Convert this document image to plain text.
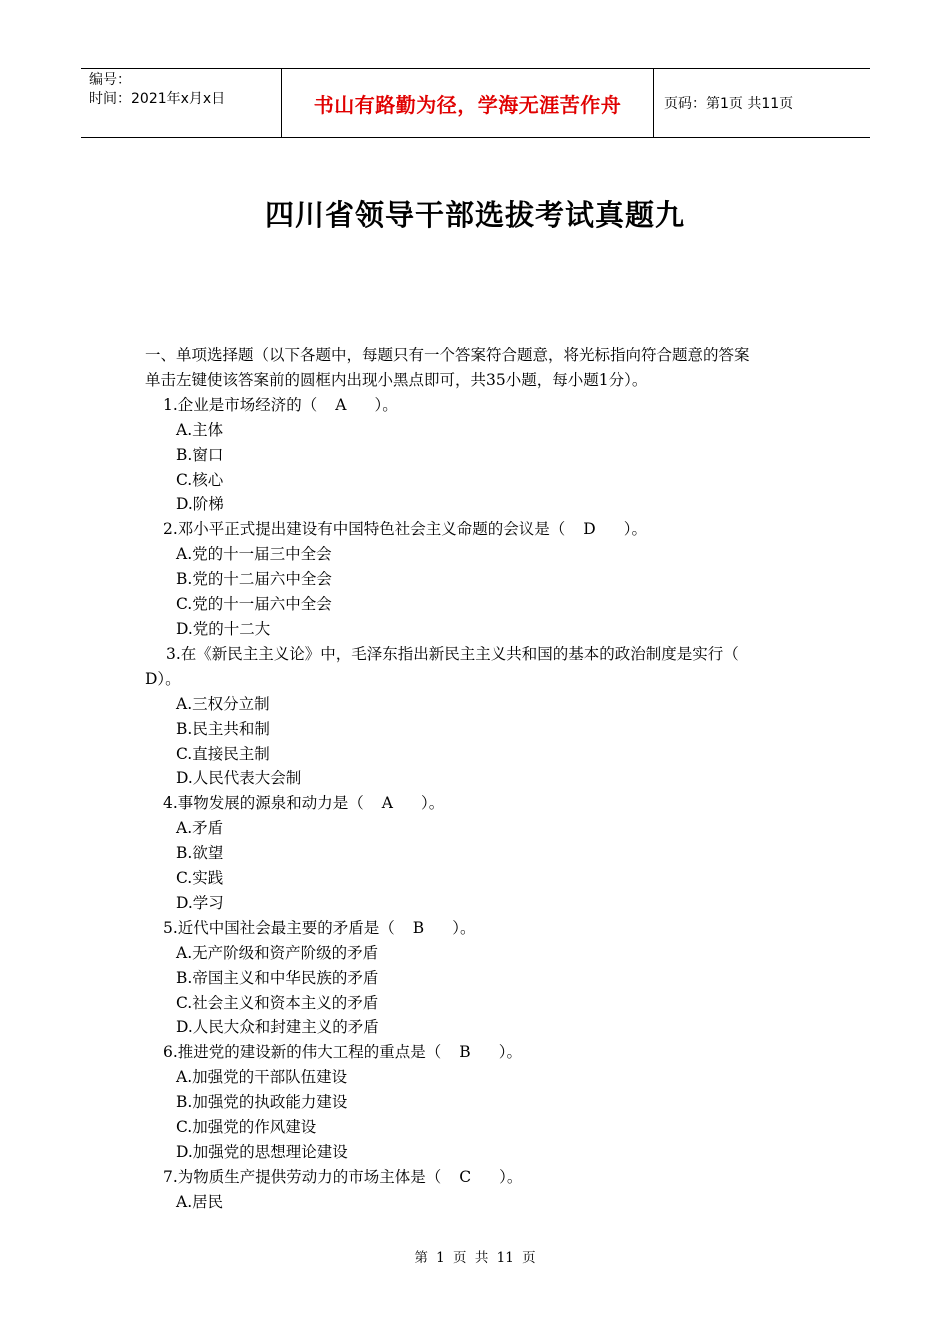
编号：
时间：2021年x月x日	书山有路勤为径，学海无涯苦作舟	页码：第1页 共11页
四川省领导干部选拔考试真题九

一、单项选择题（以下各题中，每题只有一个答案符合题意，将光标指向符合题意的答案

单击左键使该答案前的圆框内出现小黑点即可，共35小题，每小题1分）。

1.企业是市场经济的（ A ）。

A.主体

B.窗口

C.核心

D.阶梯

2.邓小平正式提出建设有中国特色社会主义命题的会议是（ D ）。

A.党的十一届三中全会

B.党的十二届六中全会

C.党的十一届六中全会

D.党的十二大

3.在《新民主主义论》中，毛泽东指出新民主主义共和国的基本的政治制度是实行（

D）。

A.三权分立制

B.民主共和制

C.直接民主制

D.人民代表大会制

4.事物发展的源泉和动力是（ A ）。

A.矛盾

B.欲望

C.实践

D.学习

5.近代中国社会最主要的矛盾是（ B ）。

A.无产阶级和资产阶级的矛盾

B.帝国主义和中华民族的矛盾

C.社会主义和资本主义的矛盾

D.人民大众和封建主义的矛盾

6.推进党的建设新的伟大工程的重点是（ B ）。

A.加强党的干部队伍建设

B.加强党的执政能力建设

C.加强党的作风建设

D.加强党的思想理论建设

7.为物质生产提供劳动力的市场主体是（ C ）。

A.居民

第 1 页 共 11 页
